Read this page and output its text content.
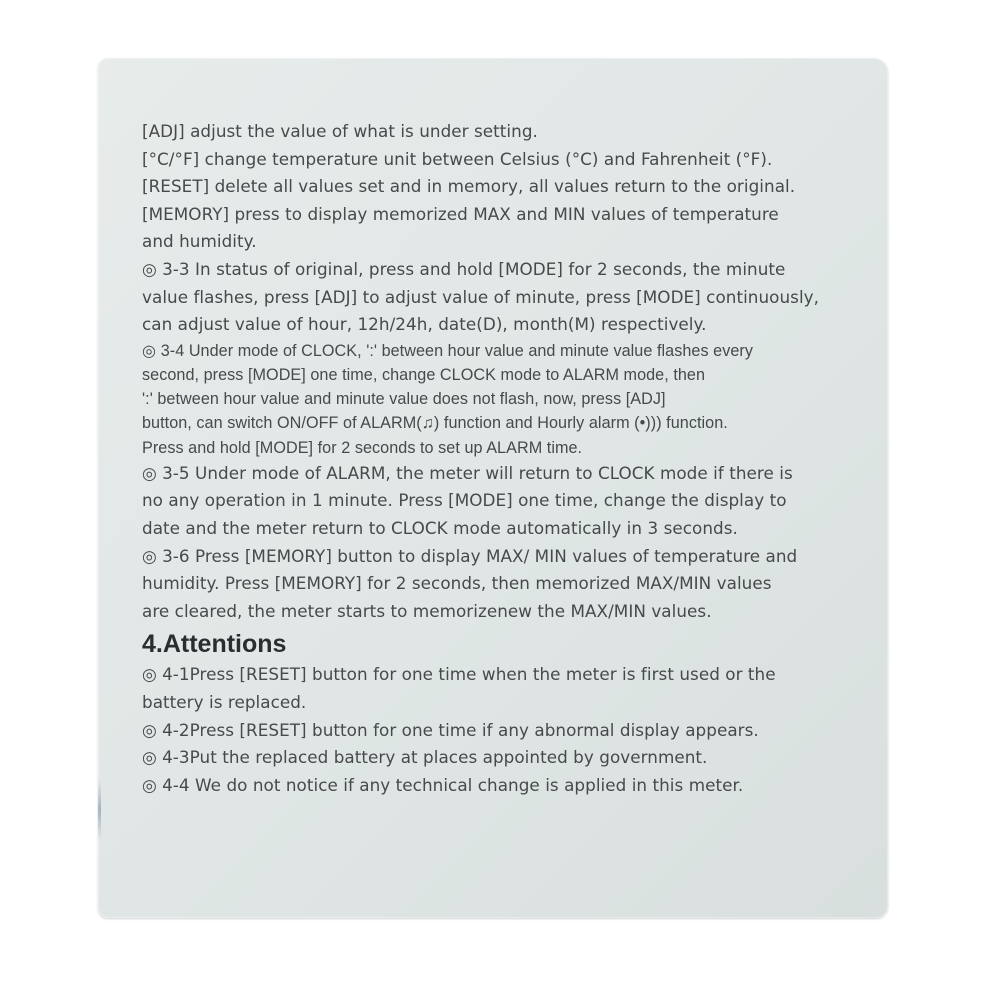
[ADJ] adjust the value of what is under setting.
[°C/°F] change temperature unit between Celsius (°C) and Fahrenheit (°F).
[RESET] delete all values set and in memory, all values return to the original.
[MEMORY] press to display memorized MAX and MIN values of temperature
and humidity.
◎ 3-3 In status of original, press and hold [MODE] for 2 seconds, the minute
value flashes, press [ADJ] to adjust value of minute, press [MODE] continuously,
can adjust value of hour, 12h/24h, date(D), month(M) respectively.
◎ 3-4 Under mode of CLOCK, ':' between hour value and minute value flashes every
second, press [MODE] one time, change CLOCK mode to ALARM mode, then
':' between hour value and minute value does not flash, now, press [ADJ]
button, can switch ON/OFF of ALARM(♫) function and Hourly alarm (•))) function.
Press and hold [MODE] for 2 seconds to set up ALARM time.
◎ 3-5 Under mode of ALARM, the meter will return to CLOCK mode if there is
no any operation in 1 minute. Press [MODE] one time, change the display to
date and the meter return to CLOCK mode automatically in 3 seconds.
◎ 3-6 Press [MEMORY] button to display MAX/ MIN values of temperature and
humidity. Press [MEMORY] for 2 seconds, then memorized MAX/MIN values
are cleared, the meter starts to memorizenew the MAX/MIN values.
4.Attentions
◎ 4-1Press [RESET] button for one time when the meter is first used or the
battery is replaced.
◎ 4-2Press [RESET] button for one time if any abnormal display appears.
◎ 4-3Put the replaced battery at places appointed by government.
◎ 4-4 We do not notice if any technical change is applied in this meter.
